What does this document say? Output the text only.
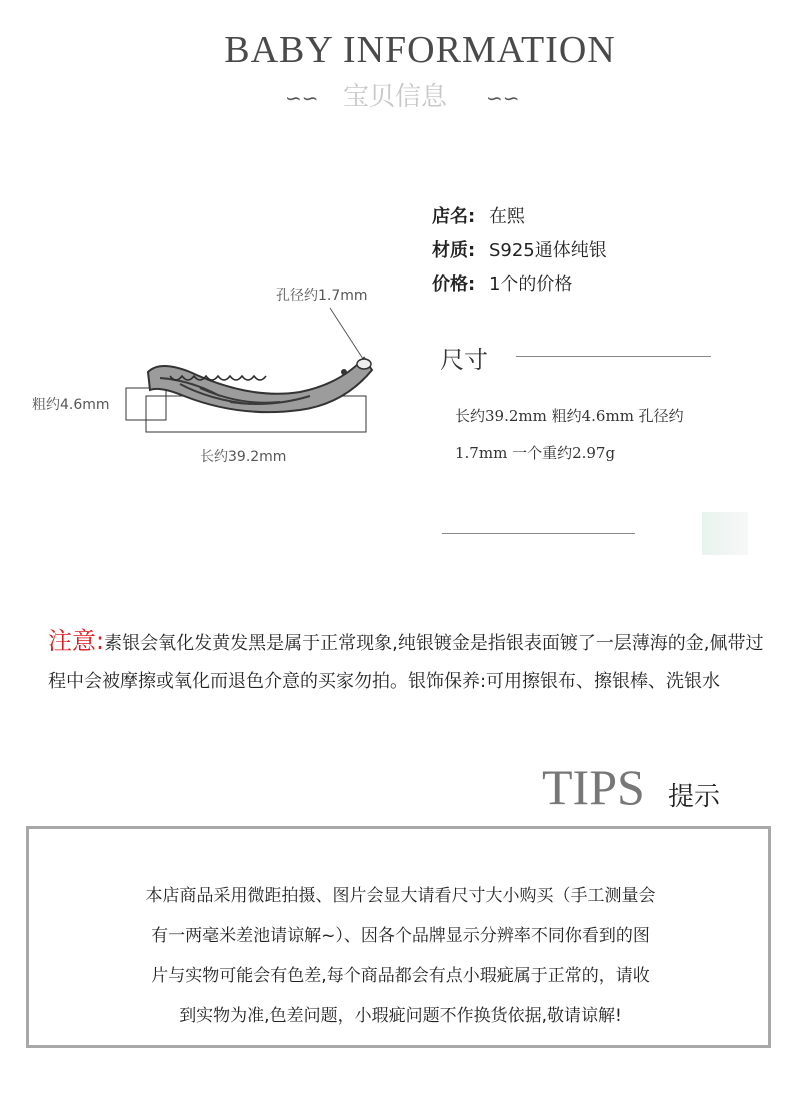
BABY INFORMATION
∽∽ 宝贝信息	∽∽
店名: 在熙
材质: S925通体纯银
价格: 1个的价格
孔径约1.7mm
粗约4.6mm
长约39.2mm
尺寸
长约39.2mm 粗约4.6mm 孔径约
1.7mm 一个重约2.97g
注意:素银会氧化发黄发黑是属于正常现象,纯银镀金是指银表面镀了一层薄海的金,佩带过程中会被摩擦或氧化而退色介意的买家勿拍。银饰保养:可用擦银布、擦银棒、洗银水
TIPS 提示
本店商品采用微距拍摄、图片会显大请看尺寸大小购买（手工测量会
有一两毫米差池请谅解~）、因各个品牌显示分辨率不同你看到的图
片与实物可能会有色差,每个商品都会有点小瑕疵属于正常的，请收
到实物为准,色差问题，小瑕疵问题不作换货依据,敬请谅解!
